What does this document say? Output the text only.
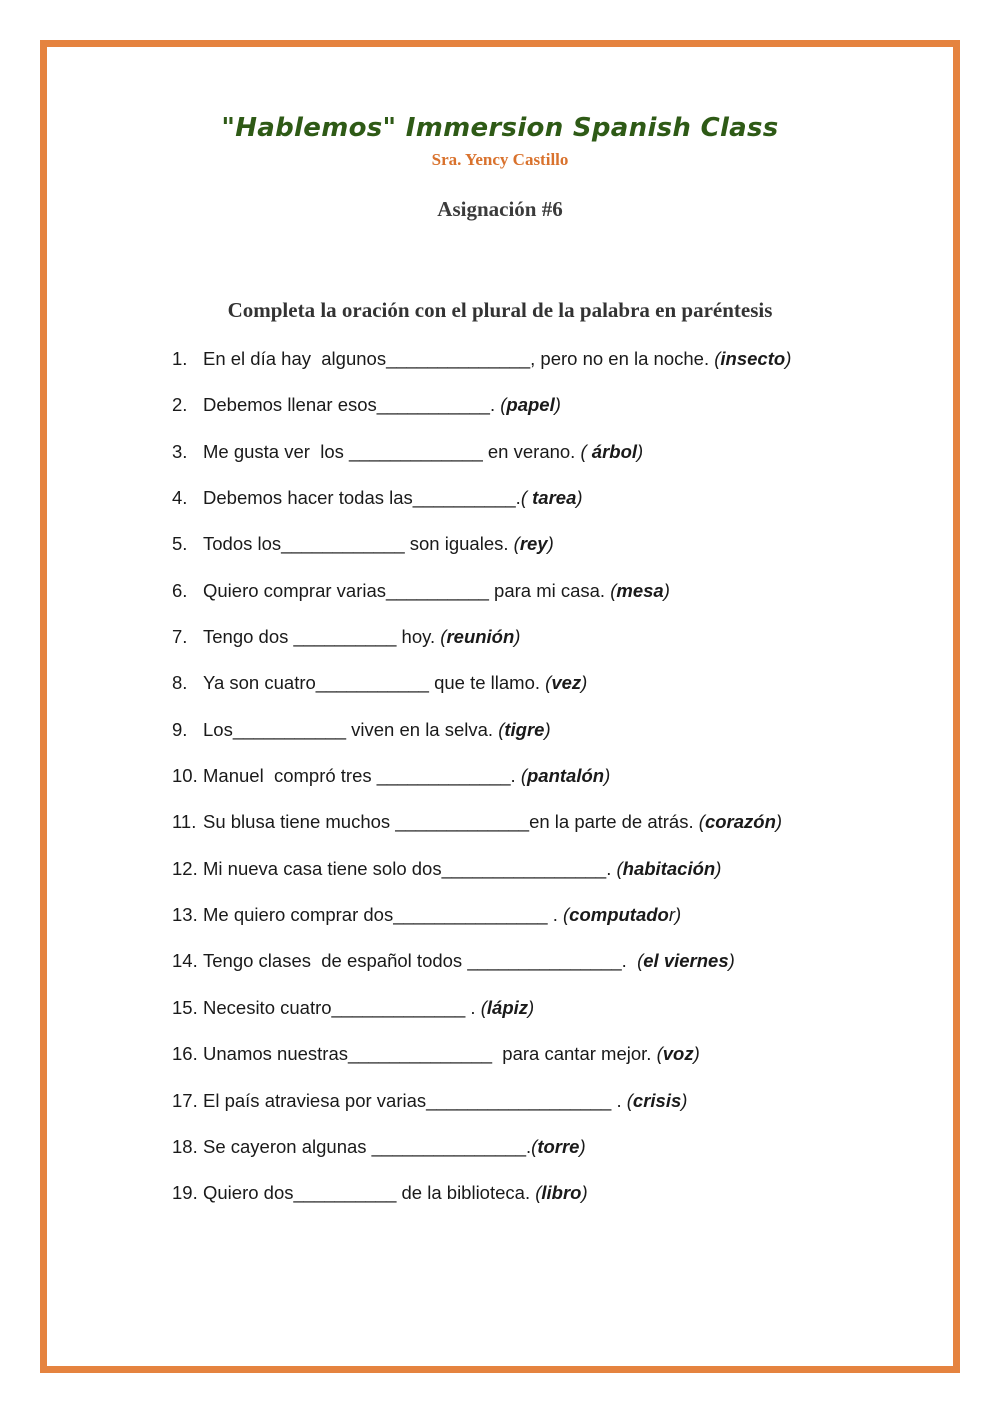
"Hablemos" Immersion Spanish Class
Sra. Yency Castillo
Asignación #6
Completa la oración con el plural de la palabra en paréntesis
1. En el día hay  algunos______________, pero no en la noche. (insecto)
2. Debemos llenar esos___________. (papel)
3. Me gusta ver  los _____________ en verano. ( árbol)
4. Debemos hacer todas las__________.( tarea)
5. Todos los____________ son iguales. (rey)
6. Quiero comprar varias__________ para mi casa. (mesa)
7. Tengo dos __________ hoy. (reunión)
8. Ya son cuatro___________ que te llamo. (vez)
9. Los___________ viven en la selva. (tigre)
10. Manuel  compró tres _____________. (pantalón)
11. Su blusa tiene muchos _____________en la parte de atrás. (corazón)
12. Mi nueva casa tiene solo dos________________. (habitación)
13. Me quiero comprar dos_______________ . (computador)
14. Tengo clases  de español todos _______________.  (el viernes)
15. Necesito cuatro_____________ . (lápiz)
16. Unamos nuestras______________  para cantar mejor. (voz)
17. El país atraviesa por varias__________________ . (crisis)
18. Se cayeron algunas _______________.(torre)
19. Quiero dos__________ de la biblioteca. (libro)
